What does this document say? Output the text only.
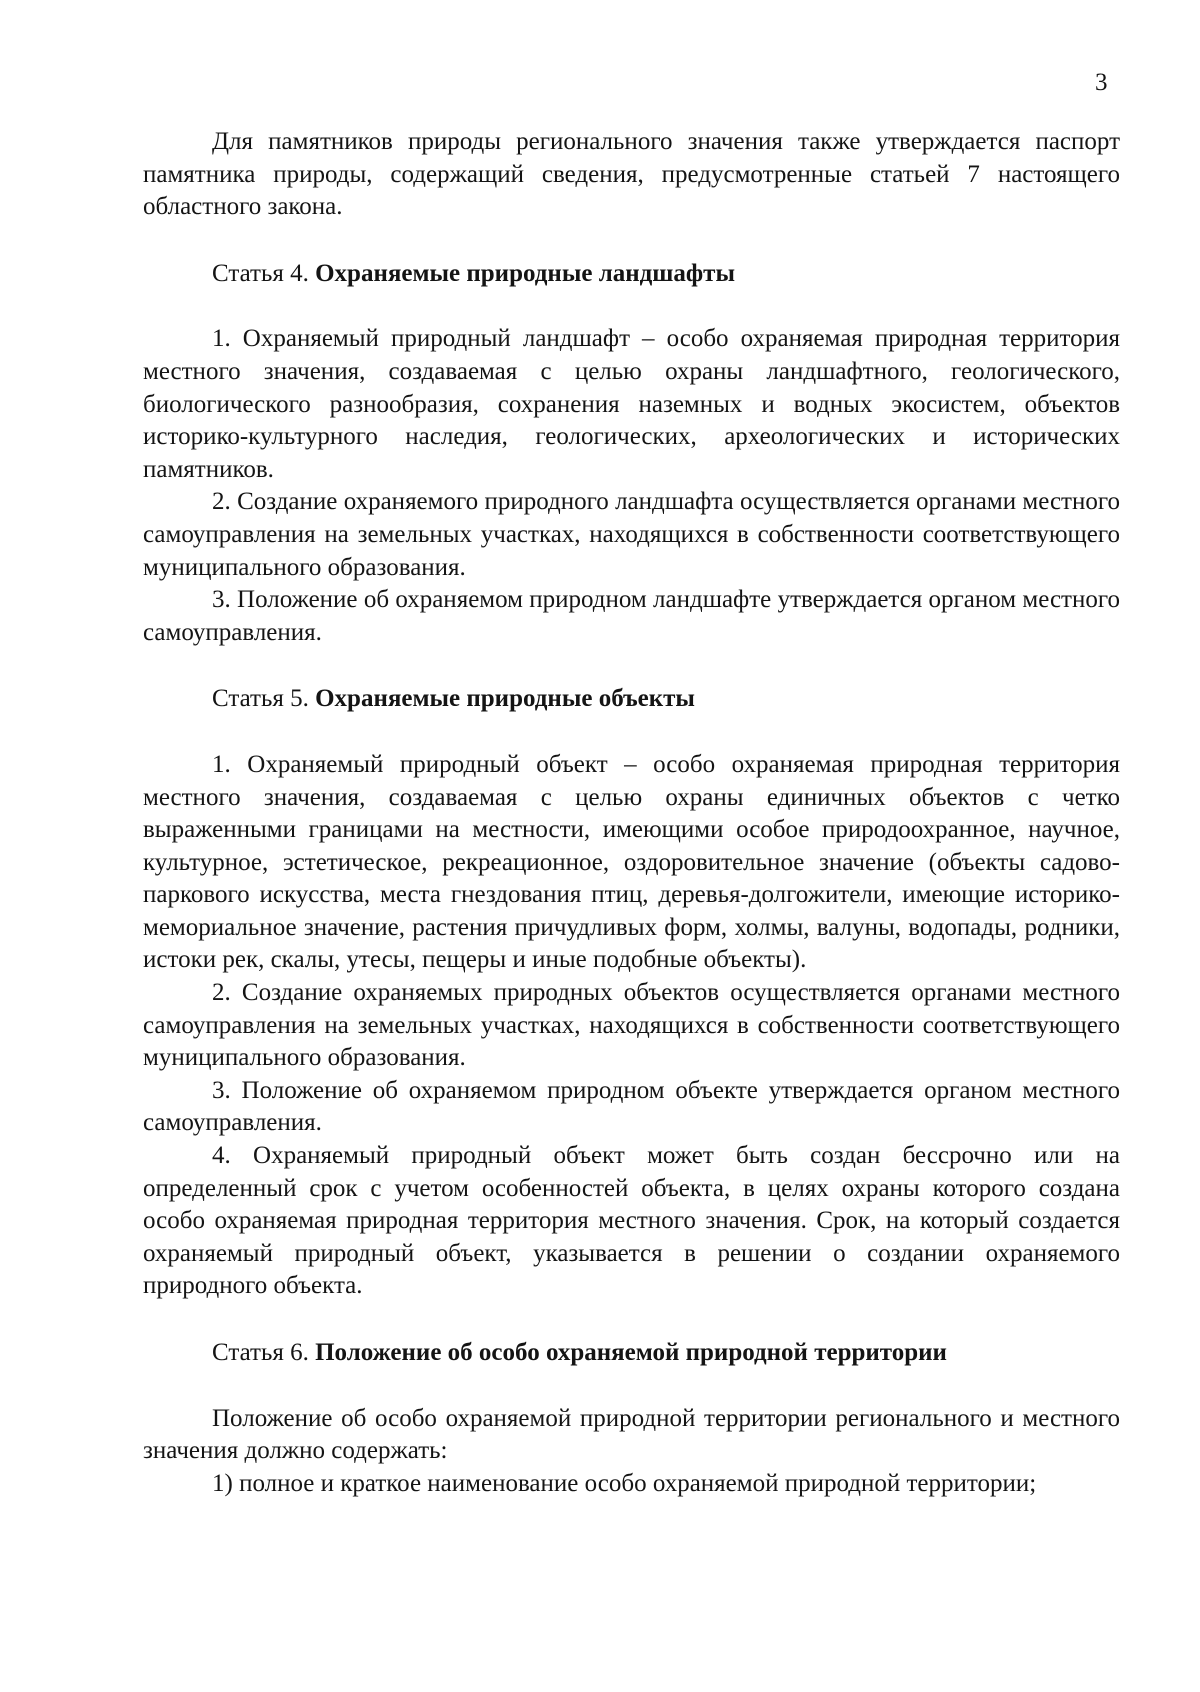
3

Для памятников природы регионального значения также утверждается паспорт памятника природы, содержащий сведения, предусмотренные статьей 7 настоящего областного закона.

Статья 4. Охраняемые природные ландшафты

1. Охраняемый природный ландшафт – особо охраняемая природная территория местного значения, создаваемая с целью охраны ландшафтного, геологического, биологического разнообразия, сохранения наземных и водных экосистем, объектов историко-культурного наследия, геологических, археологических и исторических памятников.

2. Создание охраняемого природного ландшафта осуществляется органами местного самоуправления на земельных участках, находящихся в собственности соответствующего муниципального образования.

3. Положение об охраняемом природном ландшафте утверждается органом местного самоуправления.

Статья 5. Охраняемые природные объекты

1. Охраняемый природный объект – особо охраняемая природная территория местного значения, создаваемая с целью охраны единичных объектов с четко выраженными границами на местности, имеющими особое природоохранное, научное, культурное, эстетическое, рекреационное, оздоровительное значение (объекты садово-паркового искусства, места гнездования птиц, деревья-долгожители, имеющие историко-мемориальное значение, растения причудливых форм, холмы, валуны, водопады, родники, истоки рек, скалы, утесы, пещеры и иные подобные объекты).

2. Создание охраняемых природных объектов осуществляется органами местного самоуправления на земельных участках, находящихся в собственности соответствующего муниципального образования.

3. Положение об охраняемом природном объекте утверждается органом местного самоуправления.

4. Охраняемый природный объект может быть создан бессрочно или на определенный срок с учетом особенностей объекта, в целях охраны которого создана особо охраняемая природная территория местного значения. Срок, на который создается охраняемый природный объект, указывается в решении о создании охраняемого природного объекта.

Статья 6. Положение об особо охраняемой природной территории

Положение об особо охраняемой природной территории регионального и местного значения должно содержать:

1) полное и краткое наименование особо охраняемой природной территории;
